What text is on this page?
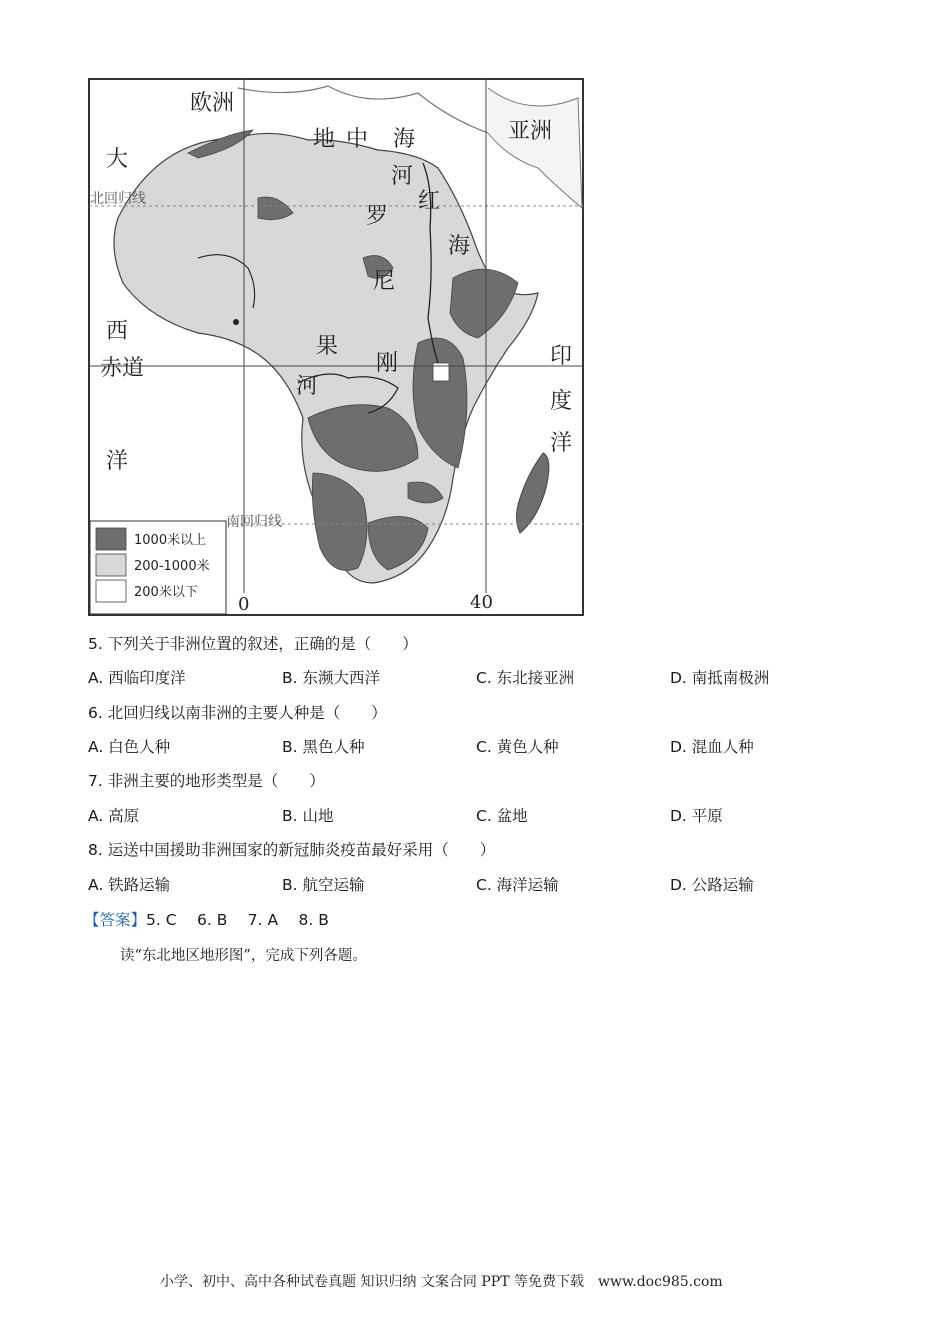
欧洲
亚洲
地 中 海
罗
尼
河
红
海
刚
果
河
大
西
洋
印
度
洋
赤道
北回归线
南回归线
0	40
1000米以上
200-1000米
200米以下
5. 下列关于非洲位置的叙述，正确的是（　　）
A. 西临印度洋	B. 东濒大西洋	C. 东北接亚洲	D. 南抵南极洲
6. 北回归线以南非洲的主要人种是（　　）
A. 白色人种	B. 黑色人种	C. 黄色人种	D. 混血人种
7. 非洲主要的地形类型是（　　）
A. 高原	B. 山地	C. 盆地	D. 平原
8. 运送中国援助非洲国家的新冠肺炎疫苗最好采用（　　）
A. 铁路运输	B. 航空运输	C. 海洋运输	D. 公路运输
【答案】5. C　 6. B　 7. A　 8. B
读“东北地区地形图”，完成下列各题。
小学、初中、高中各种试卷真题 知识归纳 文案合同 PPT 等免费下载　www.doc985.com
